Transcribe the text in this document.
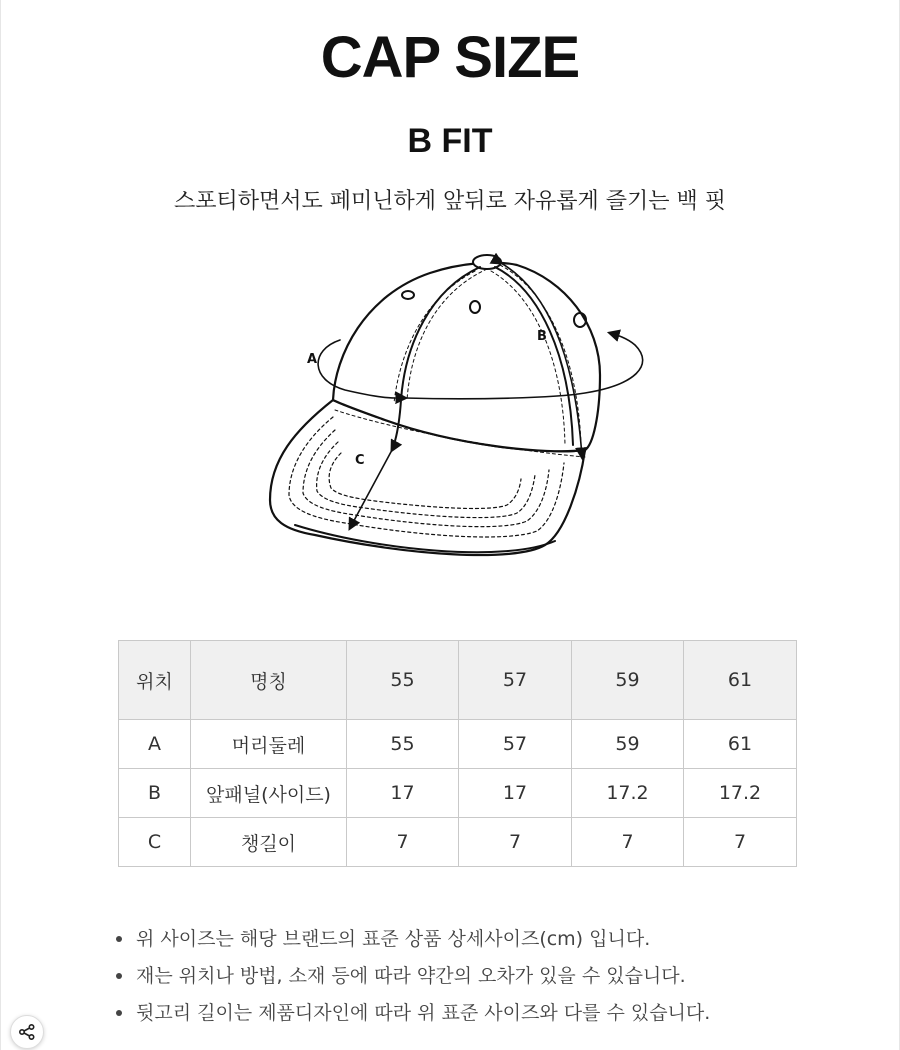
CAP SIZE
B FIT

스포티하면서도 페미닌하게 앞뒤로 자유롭게 즐기는 백 핏

A
B
C
위치	명칭	55	57	59	61
A	머리둘레	55	57	59	61
B	앞패널(사이드)	17	17	17.2	17.2
C	챙길이	7	7	7	7
위 사이즈는 해당 브랜드의 표준 상품 상세사이즈(cm) 입니다.
재는 위치나 방법, 소재 등에 따라 약간의 오차가 있을 수 있습니다.
뒷고리 길이는 제품디자인에 따라 위 표준 사이즈와 다를 수 있습니다.
